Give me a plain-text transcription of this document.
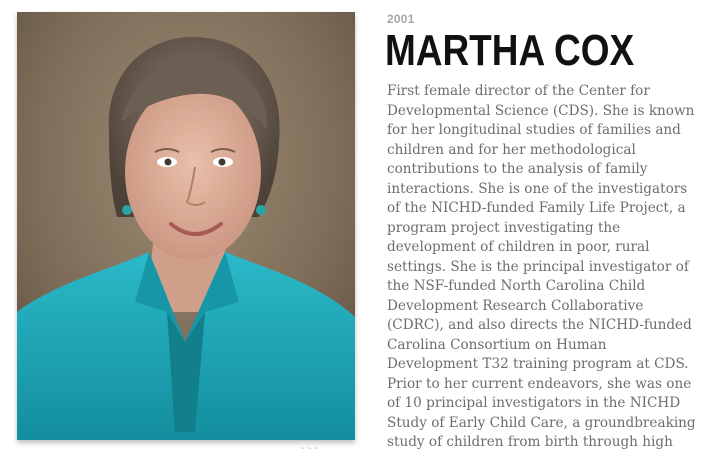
~ ~ ~
2001
MARTHA COX
First female director of the Center for
Developmental Science (CDS). She is known
for her longitudinal studies of families and
children and for her methodological
contributions to the analysis of family
interactions. She is one of the investigators
of the NICHD-funded Family Life Project, a
program project investigating the
development of children in poor, rural
settings. She is the principal investigator of
the NSF-funded North Carolina Child
Development Research Collaborative
(CDRC), and also directs the NICHD-funded
Carolina Consortium on Human
Development T32 training program at CDS.
Prior to her current endeavors, she was one
of 10 principal investigators in the NICHD
Study of Early Child Care, a groundbreaking
study of children from birth through high
